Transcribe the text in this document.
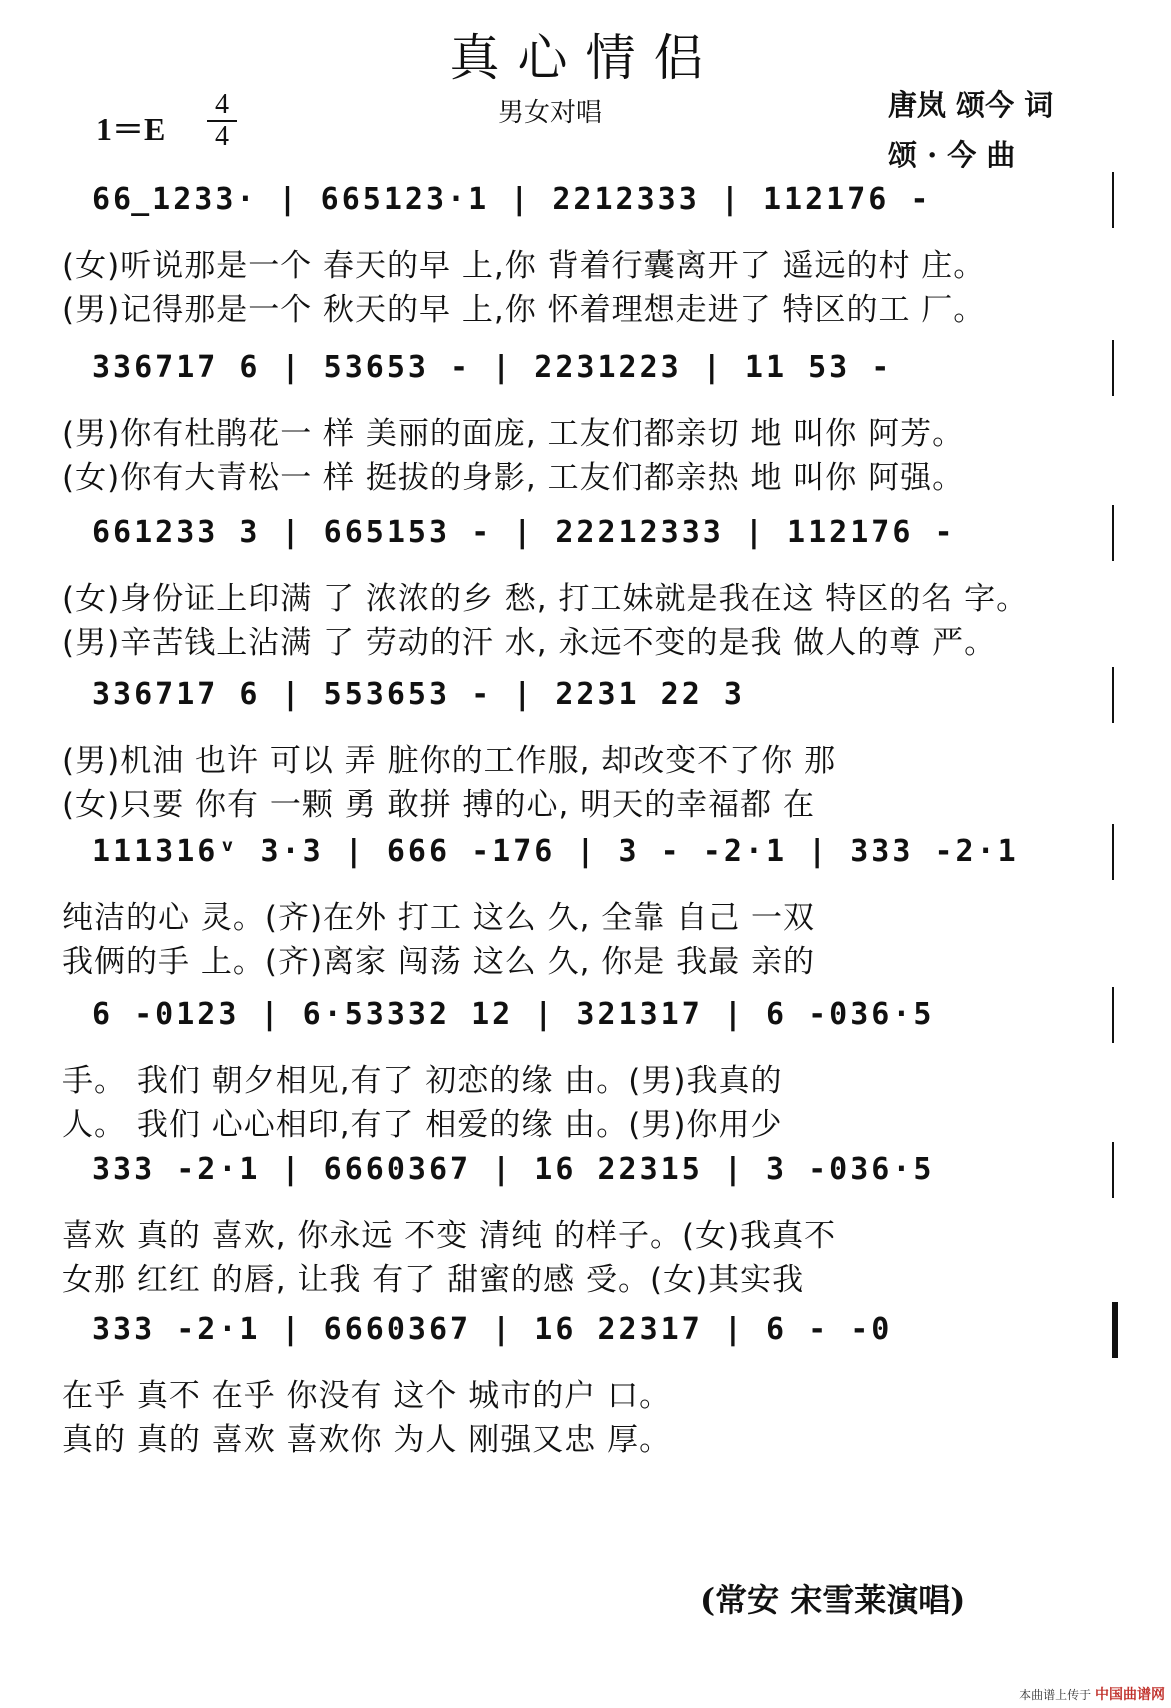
真心情侣
男女对唱
1＝E
4
4
唐岚 颂今 词
颂 · 今 曲
66̲1233· | 665123·1 | 2212333 | 112176 -
(女)听说那是一个 春天的早 上,你 背着行囊离开了 遥远的村 庄。
(男)记得那是一个 秋天的早 上,你 怀着理想走进了 特区的工 厂。
336717 6 | 53653 - | 2231223 | 11 53 -
(男)你有杜鹃花一 样 美丽的面庞, 工友们都亲切 地 叫你 阿芳。
(女)你有大青松一 样 挺拔的身影, 工友们都亲热 地 叫你 阿强。
661233 3 | 665153 - | 22212333 | 112176 -
(女)身份证上印满 了 浓浓的乡 愁, 打工妹就是我在这 特区的名 字。
(男)辛苦钱上沾满 了 劳动的汗 水, 永远不变的是我 做人的尊 严。
336717 6 | 553653 - | 2231 22 3
(男)机油 也许 可以 弄 脏你的工作服, 却改变不了你 那
(女)只要 你有 一颗 勇 敢拼 搏的心, 明天的幸福都 在
111316ᵛ 3·3 | 666 -176 | 3 - -2·1 | 333 -2·1
纯洁的心 灵。(齐)在外 打工 这么 久, 全靠 自己 一双
我俩的手 上。(齐)离家 闯荡 这么 久, 你是 我最 亲的
6 -0123 | 6·53332 12 | 321317 | 6 -036·5
手。 我们 朝夕相见,有了 初恋的缘 由。(男)我真的
人。 我们 心心相印,有了 相爱的缘 由。(男)你用少
333 -2·1 | 6660367 | 16 22315 | 3 -036·5
喜欢 真的 喜欢, 你永远 不变 清纯 的样子。(女)我真不
女那 红红 的唇, 让我 有了 甜蜜的感 受。(女)其实我
333 -2·1 | 6660367 | 16 22317 | 6 - -0
在乎 真不 在乎 你没有 这个 城市的户 口。
真的 真的 喜欢 喜欢你 为人 刚强又忠 厚。
(常安 宋雪莱演唱)
本曲谱上传于 中国曲谱网
